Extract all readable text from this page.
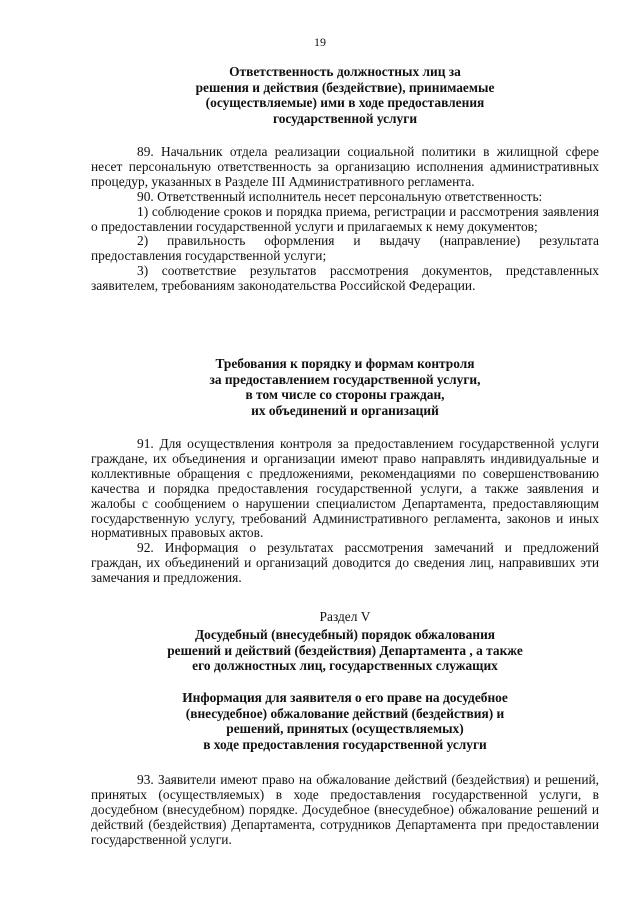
19
Ответственность должностных лиц за
решения и действия (бездействие), принимаемые
(осуществляемые) ими в ходе предоставления
государственной услуги

89. Начальник отдела реализации социальной политики в жилищной сфере несет персональную ответственность за организацию исполнения административных процедур, указанных в Разделе III Административного регламента.

90. Ответственный исполнитель несет персональную ответственность:

1) соблюдение сроков и порядка приема, регистрации и рассмотрения заявления о предоставлении государственной услуги и прилагаемых к нему документов;

2) правильность оформления и выдачу (направление) результата предоставления государственной услуги;

3) соответствие результатов рассмотрения документов, представленных заявителем, требованиям законодательства Российской Федерации.

Требования к порядку и формам контроля
за предоставлением государственной услуги,
в том числе со стороны граждан,
их объединений и организаций

91. Для осуществления контроля за предоставлением государственной услуги граждане, их объединения и организации имеют право направлять индивидуальные и коллективные обращения с предложениями, рекомендациями по совершенствованию качества и порядка предоставления государственной услуги, а также заявления и жалобы с сообщением о нарушении специалистом Департамента, предоставляющим государственную услугу, требований Административного регламента, законов и иных нормативных правовых актов.

92. Информация о результатах рассмотрения замечаний и предложений граждан, их объединений и организаций доводится до сведения лиц, направивших эти замечания и предложения.

Раздел V
Досудебный (внесудебный) порядок обжалования
решений и действий (бездействия) Департамента , а также
его должностных лиц, государственных служащих
Информация для заявителя о его праве на досудебное
(внесудебное) обжалование действий (бездействия) и
решений, принятых (осуществляемых)
в ходе предоставления государственной услуги

93. Заявители имеют право на обжалование действий (бездействия) и решений, принятых (осуществляемых) в ходе предоставления государственной услуги, в досудебном (внесудебном) порядке. Досудебное (внесудебное) обжалование решений и действий (бездействия) Департамента, сотрудников Департамента при предоставлении государственной услуги.
